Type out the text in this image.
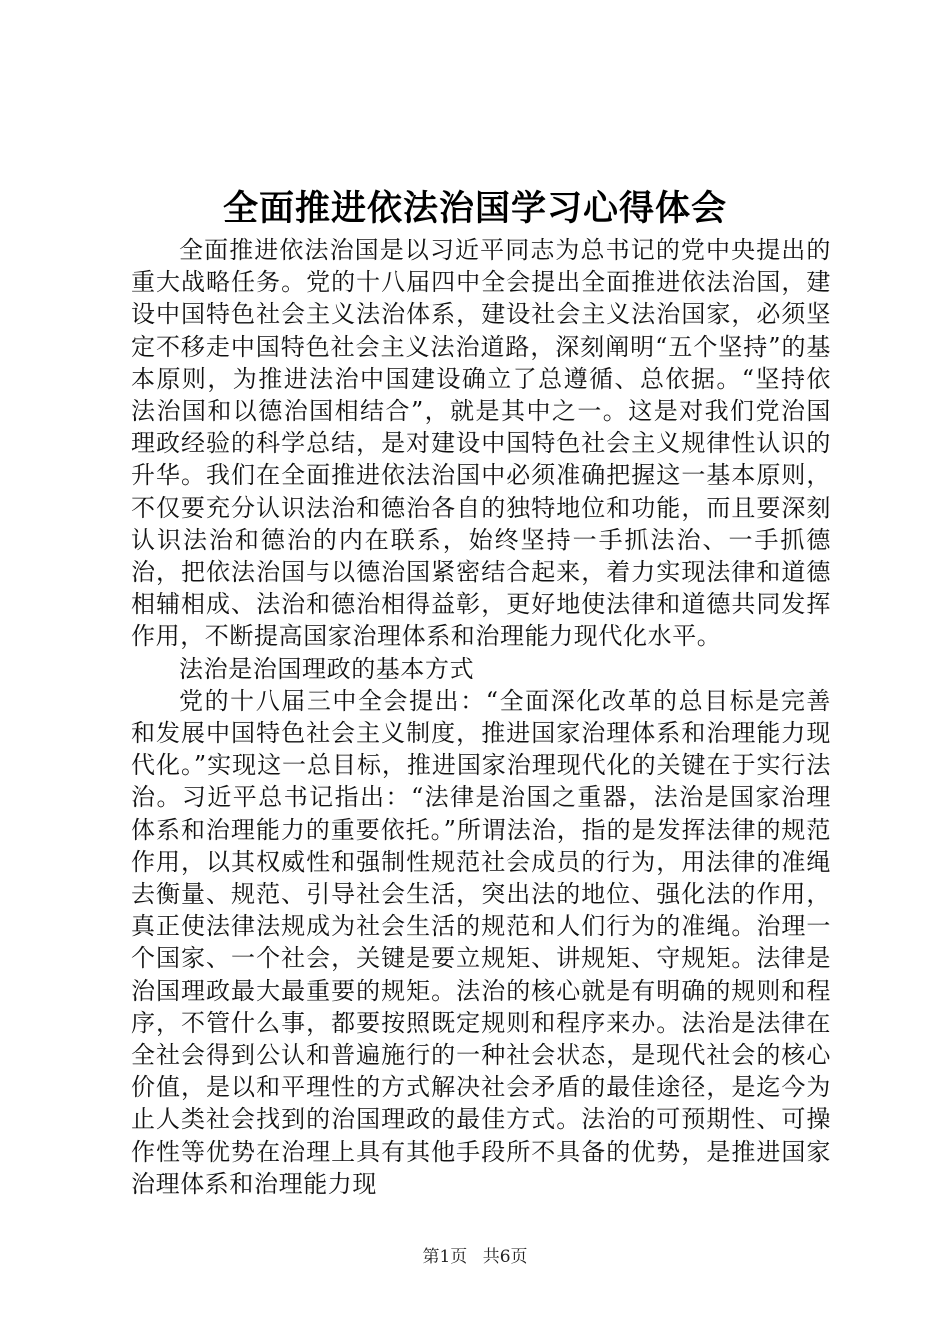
全面推进依法治国学习心得体会

全面推进依法治国是以习近平同志为总书记的党中央提出的重大战略任务。党的十八届四中全会提出全面推进依法治国，建设中国特色社会主义法治体系，建设社会主义法治国家，必须坚定不移走中国特色社会主义法治道路，深刻阐明“五个坚持”的基本原则，为推进法治中国建设确立了总遵循、总依据。“坚持依法治国和以德治国相结合”，就是其中之一。这是对我们党治国理政经验的科学总结，是对建设中国特色社会主义规律性认识的升华。我们在全面推进依法治国中必须准确把握这一基本原则，不仅要充分认识法治和德治各自的独特地位和功能，而且要深刻认识法治和德治的内在联系，始终坚持一手抓法治、一手抓德治，把依法治国与以德治国紧密结合起来，着力实现法律和道德相辅相成、法治和德治相得益彰，更好地使法律和道德共同发挥作用，不断提高国家治理体系和治理能力现代化水平。

法治是治国理政的基本方式

党的十八届三中全会提出：“全面深化改革的总目标是完善和发展中国特色社会主义制度，推进国家治理体系和治理能力现代化。”实现这一总目标，推进国家治理现代化的关键在于实行法治。习近平总书记指出：“法律是治国之重器，法治是国家治理体系和治理能力的重要依托。”所谓法治，指的是发挥法律的规范作用，以其权威性和强制性规范社会成员的行为，用法律的准绳去衡量、规范、引导社会生活，突出法的地位、强化法的作用，真正使法律法规成为社会生活的规范和人们行为的准绳。治理一个国家、一个社会，关键是要立规矩、讲规矩、守规矩。法律是治国理政最大最重要的规矩。法治的核心就是有明确的规则和程序，不管什么事，都要按照既定规则和程序来办。法治是法律在全社会得到公认和普遍施行的一种社会状态，是现代社会的核心价值，是以和平理性的方式解决社会矛盾的最佳途径，是迄今为止人类社会找到的治国理政的最佳方式。法治的可预期性、可操作性等优势在治理上具有其他手段所不具备的优势，是推进国家治理体系和治理能力现

第1页 共6页
